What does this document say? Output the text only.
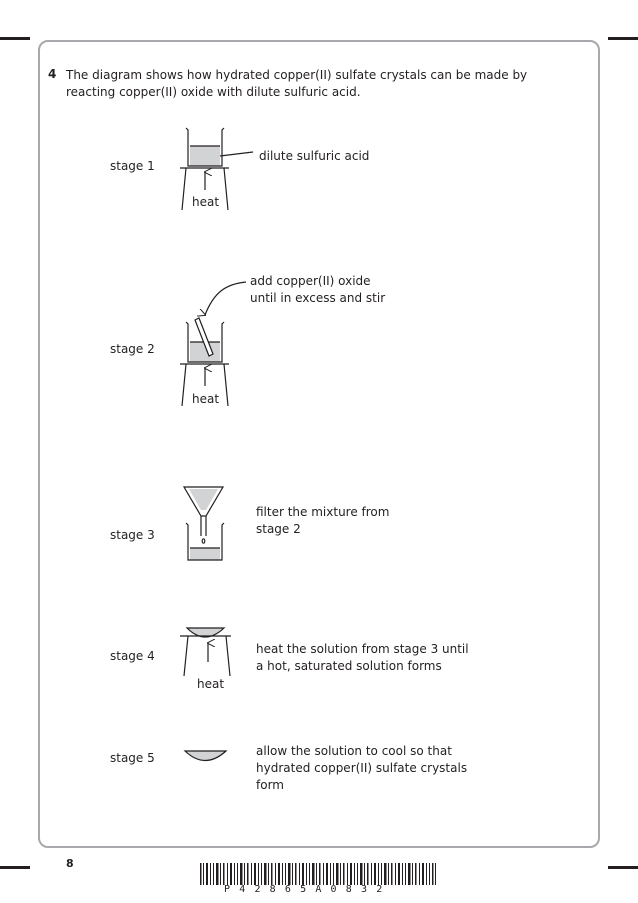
4 The diagram shows how hydrated copper(II) sulfate crystals can be made by reacting copper(II) oxide with dilute sulfuric acid.
stage 1
stage 2
stage 3
stage 4
stage 5
dilute sulfuric acid
add copper(II) oxide until in excess and stir
filter the mixture from stage 2
heat the solution from stage 3 until a hot, saturated solution forms
allow the solution to cool so that hydrated copper(II) sulfate crystals form
heat
heat
heat
8
P42865A0832
